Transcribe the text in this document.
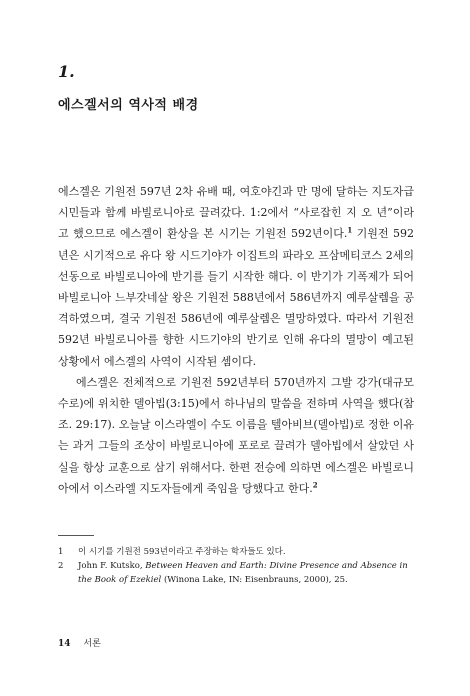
1.
에스겔서의 역사적 배경

에스겔은 기원전 597년 2차 유배 때, 여호야긴과 만 명에 달하는 지도자급 시민들과 함께 바빌로니아로 끌려갔다. 1:2에서 “사로잡힌 지 오 년”이라고 했으므로 에스겔이 환상을 본 시기는 기원전 592년이다.$^1$ 기원전 592년은 시기적으로 유다 왕 시드기야가 이집트의 파라오 프삼메티코스 2세의 선동으로 바빌로니아에 반기를 들기 시작한 해다. 이 반기가 기폭제가 되어 바빌로니아 느부갓네살 왕은 기원전 588년에서 586년까지 예루살렘을 공격하였으며, 결국 기원전 586년에 예루살렘은 멸망하였다. 따라서 기원전 592년 바빌로니아를 향한 시드기야의 반기로 인해 유다의 멸망이 예고된 상황에서 에스겔의 사역이 시작된 셈이다.

에스겔은 전체적으로 기원전 592년부터 570년까지 그발 강가(대규모 수로)에 위치한 델아빕(3:15)에서 하나님의 말씀을 전하며 사역을 했다(참조. 29:17). 오늘날 이스라엘이 수도 이름을 텔아비브(델아빕)로 정한 이유는 과거 그들의 조상이 바빌로니아에 포로로 끌려가 델아빕에서 살았던 사실을 항상 교훈으로 삼기 위해서다. 한편 전승에 의하면 에스겔은 바빌로니아에서 이스라엘 지도자들에게 죽임을 당했다고 한다.$^2$

1	이 시기를 기원전 593년이라고 주장하는 학자들도 있다.

2	John F. Kutsko, Between Heaven and Earth: Divine Presence and Absence in the Book of Ezekiel (Winona Lake, IN: Eisenbrauns, 2000), 25.

14 서론
